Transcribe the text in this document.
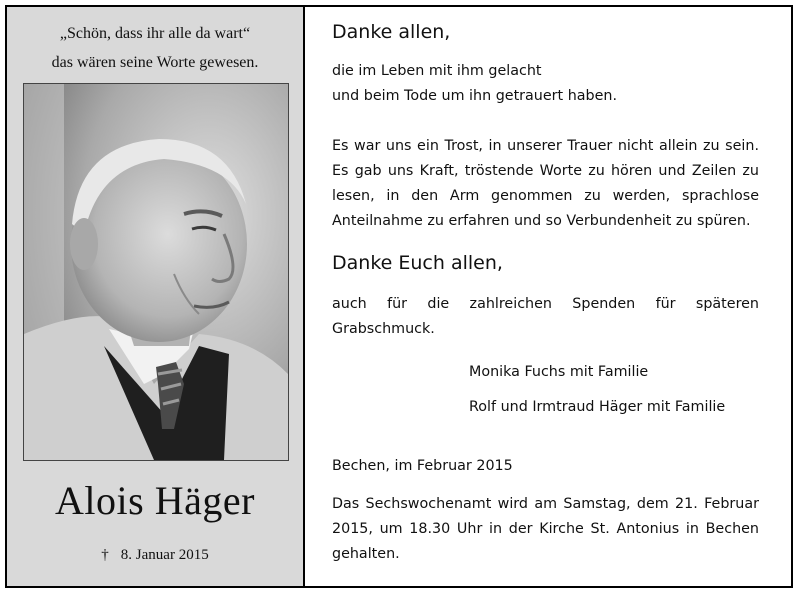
„Schön, dass ihr alle da wart“
das wären seine Worte gewesen.
Alois Häger
† 8. Januar 2015
Danke allen,
die im Leben mit ihm gelacht
und beim Tode um ihn getrauert haben.
Es war uns ein Trost, in unserer Trauer nicht allein zu sein. Es gab uns Kraft, tröstende Worte zu hören und Zeilen zu lesen, in den Arm genommen zu werden, sprachlose Anteilnahme zu erfahren und so Verbundenheit zu spüren.
Danke Euch allen,
auch für die zahlreichen Spenden für späteren Grabschmuck.
Monika Fuchs mit Familie
Rolf und Irmtraud Häger mit Familie
Bechen, im Februar 2015
Das Sechswochenamt wird am Samstag, dem 21. Februar 2015, um 18.30 Uhr in der Kirche St. Antonius in Bechen gehalten.
